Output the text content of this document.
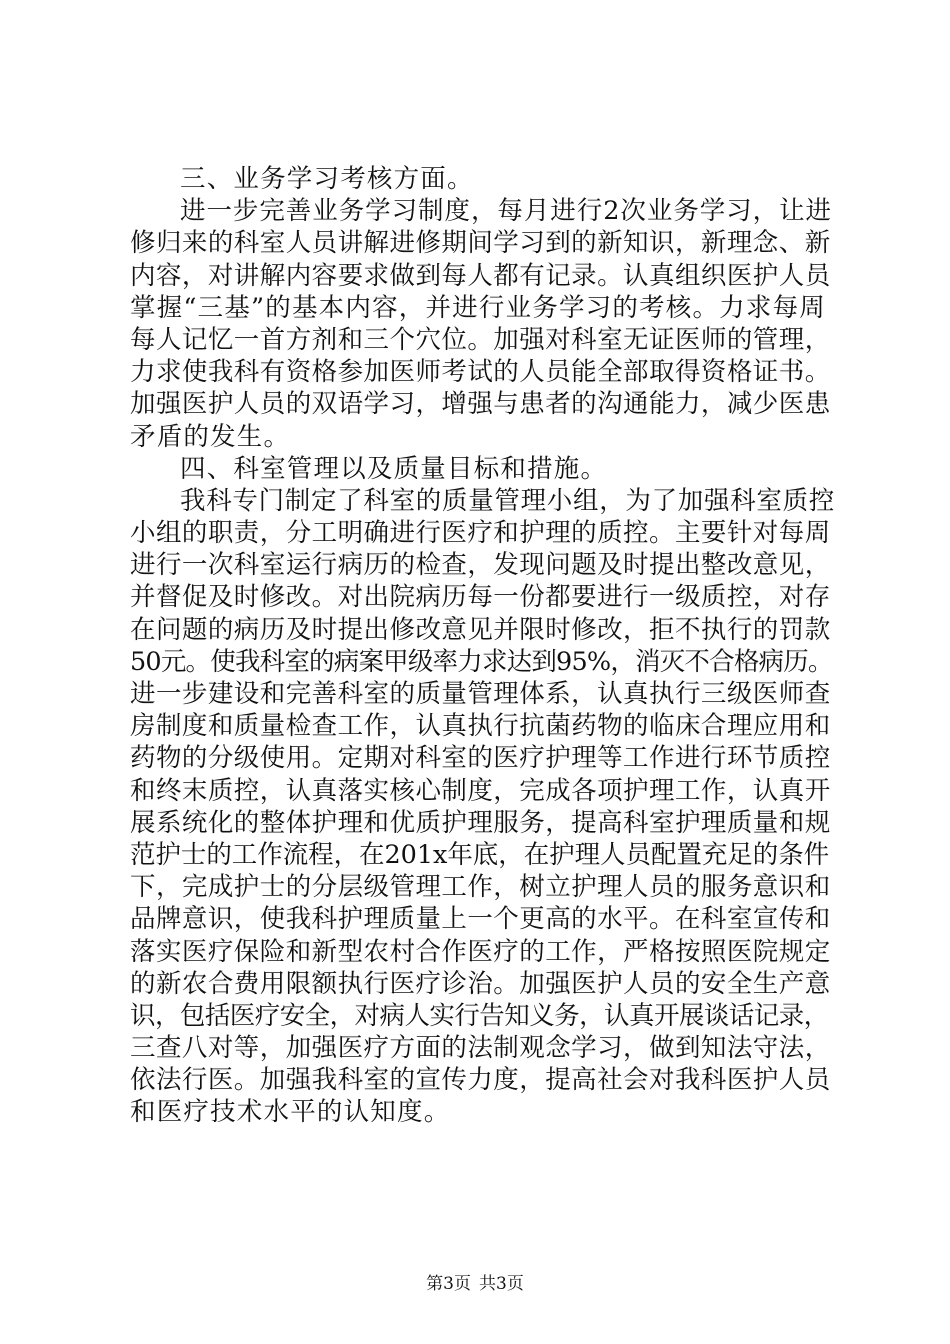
三、业务学习考核方面。
进一步完善业务学习制度，每月进行2次业务学习，让进
修归来的科室人员讲解进修期间学习到的新知识，新理念、新
内容，对讲解内容要求做到每人都有记录。认真组织医护人员
掌握“三基”的基本内容，并进行业务学习的考核。力求每周
每人记忆一首方剂和三个穴位。加强对科室无证医师的管理，
力求使我科有资格参加医师考试的人员能全部取得资格证书。
加强医护人员的双语学习，增强与患者的沟通能力，减少医患
矛盾的发生。
四、科室管理以及质量目标和措施。
我科专门制定了科室的质量管理小组，为了加强科室质控
小组的职责，分工明确进行医疗和护理的质控。主要针对每周
进行一次科室运行病历的检查，发现问题及时提出整改意见，
并督促及时修改。对出院病历每一份都要进行一级质控，对存
在问题的病历及时提出修改意见并限时修改，拒不执行的罚款
50元。使我科室的病案甲级率力求达到95%，消灭不合格病历。
进一步建设和完善科室的质量管理体系，认真执行三级医师查
房制度和质量检查工作，认真执行抗菌药物的临床合理应用和
药物的分级使用。定期对科室的医疗护理等工作进行环节质控
和终末质控，认真落实核心制度，完成各项护理工作，认真开
展系统化的整体护理和优质护理服务，提高科室护理质量和规
范护士的工作流程，在201x年底，在护理人员配置充足的条件
下，完成护士的分层级管理工作，树立护理人员的服务意识和
品牌意识，使我科护理质量上一个更高的水平。在科室宣传和
落实医疗保险和新型农村合作医疗的工作，严格按照医院规定
的新农合费用限额执行医疗诊治。加强医护人员的安全生产意
识，包括医疗安全，对病人实行告知义务，认真开展谈话记录，
三查八对等，加强医疗方面的法制观念学习，做到知法守法，
依法行医。加强我科室的宣传力度，提高社会对我科医护人员
和医疗技术水平的认知度。
第3页 共3页
